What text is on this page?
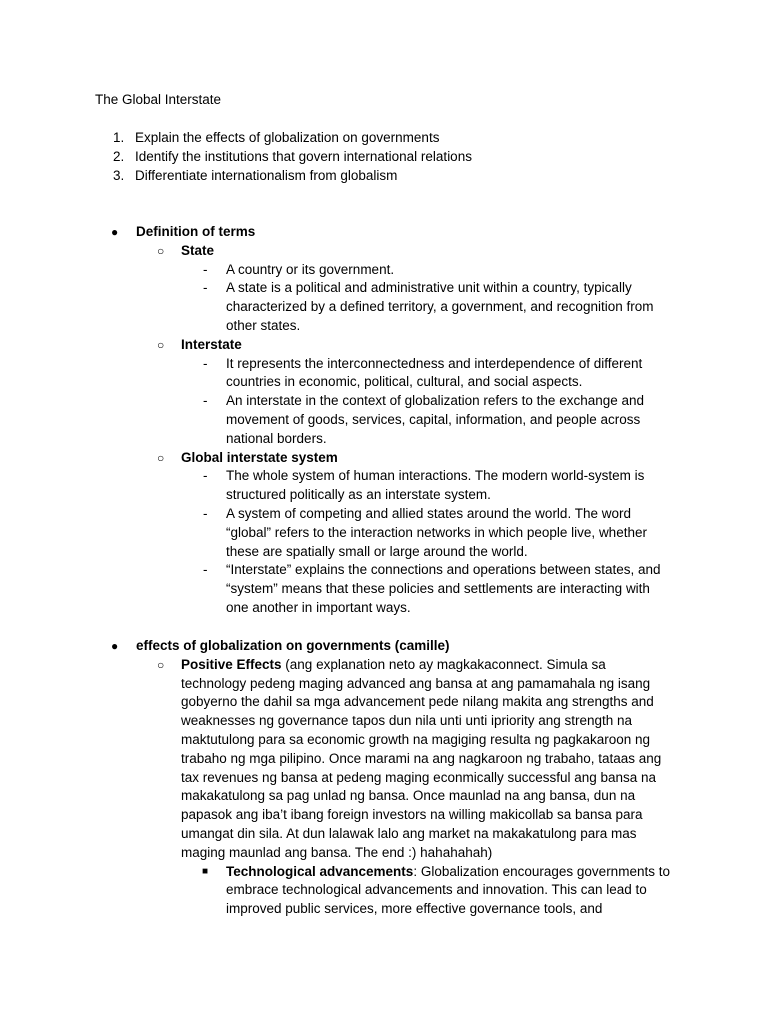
The Global Interstate
1. Explain the effects of globalization on governments
2. Identify the institutions that govern international relations
3. Differentiate internationalism from globalism
● Definition of terms
○ State
- A country or its government.
- A state is a political and administrative unit within a country, typically characterized by a defined territory, a government, and recognition from other states.
○ Interstate
- It represents the interconnectedness and interdependence of different countries in economic, political, cultural, and social aspects.
- An interstate in the context of globalization refers to the exchange and movement of goods, services, capital, information, and people across national borders.
○ Global interstate system
- The whole system of human interactions. The modern world-system is structured politically as an interstate system.
- A system of competing and allied states around the world. The word “global” refers to the interaction networks in which people live, whether these are spatially small or large around the world.
- “Interstate” explains the connections and operations between states, and “system” means that these policies and settlements are interacting with one another in important ways.
● effects of globalization on governments (camille)
○ Positive Effects (ang explanation neto ay magkakaconnect. Simula sa technology pedeng maging advanced ang bansa at ang pamamahala ng isang gobyerno the dahil sa mga advancement pede nilang makita ang strengths and weaknesses ng governance tapos dun nila unti unti ipriority ang strength na maktutulong para sa economic growth na magiging resulta ng pagkakaroon ng trabaho ng mga pilipino. Once marami na ang nagkaroon ng trabaho, tataas ang tax revenues ng bansa at pedeng maging econmically successful ang bansa na makakatulong sa pag unlad ng bansa. Once maunlad na ang bansa, dun na papasok ang iba’t ibang foreign investors na willing makicollab sa bansa para umangat din sila. At dun lalawak lalo ang market na makakatulong para mas maging maunlad ang bansa. The end :) hahahahah)
■ Technological advancements: Globalization encourages governments to embrace technological advancements and innovation. This can lead to improved public services, more effective governance tools, and
